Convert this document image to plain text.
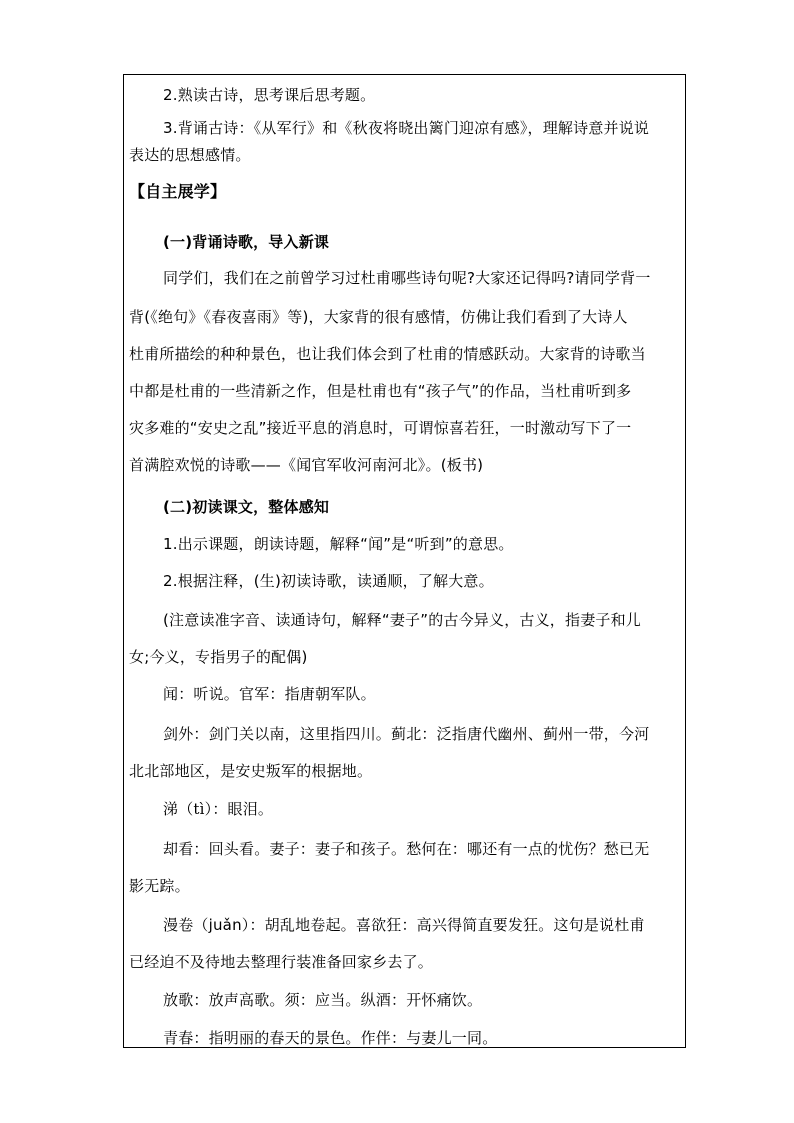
2.熟读古诗，思考课后思考题。
3.背诵古诗：《从军行》和《秋夜将晓出篱门迎凉有感》，理解诗意并说说
表达的思想感情。
【自主展学】
(一)背诵诗歌，导入新课
同学们，我们在之前曾学习过杜甫哪些诗句呢?大家还记得吗?请同学背一
背(《绝句》《春夜喜雨》等)，大家背的很有感情，仿佛让我们看到了大诗人
杜甫所描绘的种种景色，也让我们体会到了杜甫的情感跃动。大家背的诗歌当
中都是杜甫的一些清新之作，但是杜甫也有“孩子气”的作品，当杜甫听到多
灾多难的“安史之乱”接近平息的消息时，可谓惊喜若狂，一时激动写下了一
首满腔欢悦的诗歌——《闻官军收河南河北》。(板书)
(二)初读课文，整体感知
1.出示课题，朗读诗题，解释“闻”是“听到”的意思。
2.根据注释，(生)初读诗歌，读通顺，了解大意。
(注意读准字音、读通诗句，解释“妻子”的古今异义，古义，指妻子和儿
女;今义，专指男子的配偶)
闻：听说。官军：指唐朝军队。
剑外：剑门关以南，这里指四川。蓟北：泛指唐代幽州、蓟州一带，今河
北北部地区，是安史叛军的根据地。
涕（tì）：眼泪。
却看：回头看。妻子：妻子和孩子。愁何在：哪还有一点的忧伤？愁已无
影无踪。
漫卷（juǎn）：胡乱地卷起。喜欲狂：高兴得简直要发狂。这句是说杜甫
已经迫不及待地去整理行装准备回家乡去了。
放歌：放声高歌。须：应当。纵酒：开怀痛饮。
青春：指明丽的春天的景色。作伴：与妻儿一同。
